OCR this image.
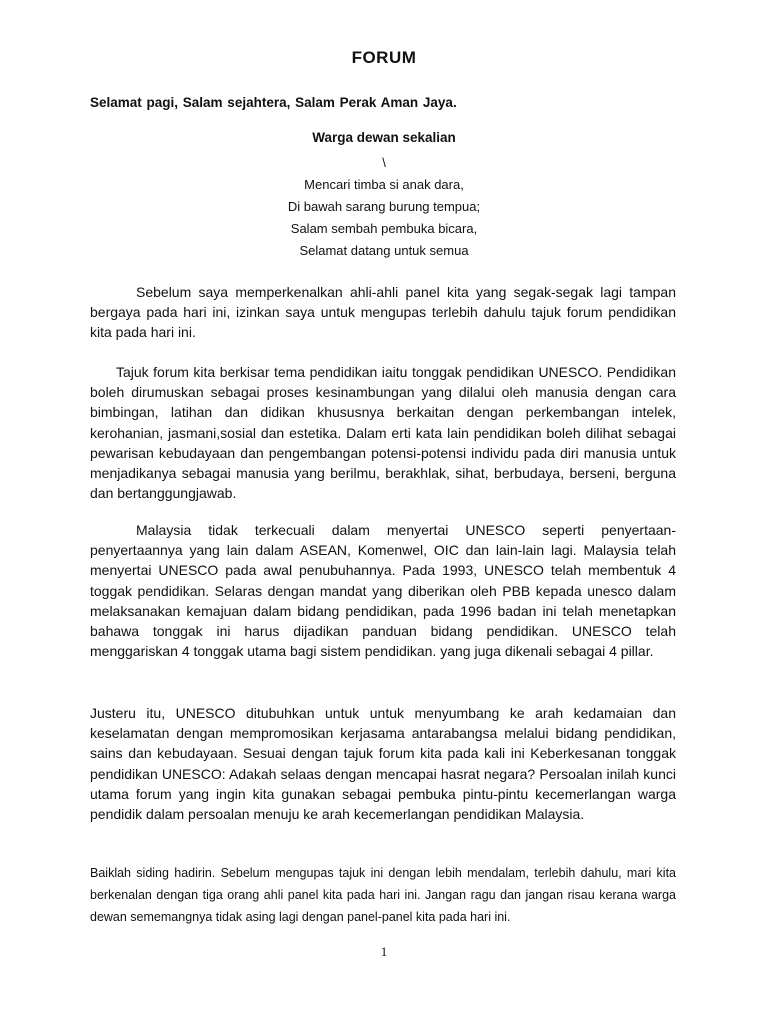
FORUM
Selamat pagi, Salam sejahtera, Salam Perak Aman Jaya.
Warga dewan sekalian
\
Mencari timba si anak dara,
Di bawah sarang burung tempua;
Salam sembah pembuka bicara,
Selamat datang untuk semua

Sebelum saya memperkenalkan ahli-ahli panel kita yang segak-segak lagi tampan bergaya pada hari ini, izinkan saya untuk mengupas terlebih dahulu tajuk forum pendidikan kita pada hari ini.

Tajuk forum kita berkisar tema pendidikan iaitu tonggak pendidikan UNESCO. Pendidikan boleh dirumuskan sebagai proses kesinambungan yang dilalui oleh manusia dengan cara bimbingan, latihan dan didikan khususnya berkaitan dengan perkembangan intelek, kerohanian, jasmani,sosial dan estetika. Dalam erti kata lain pendidikan boleh dilihat sebagai pewarisan kebudayaan dan pengembangan potensi-potensi individu pada diri manusia untuk menjadikanya sebagai manusia yang berilmu, berakhlak, sihat, berbudaya, berseni, berguna dan bertanggungjawab.

Malaysia tidak terkecuali dalam menyertai UNESCO seperti penyertaan-penyertaannya yang lain dalam ASEAN, Komenwel, OIC dan lain-lain lagi. Malaysia telah menyertai UNESCO pada awal penubuhannya. Pada 1993, UNESCO telah membentuk 4 toggak pendidikan. Selaras dengan mandat yang diberikan oleh PBB kepada unesco dalam melaksanakan kemajuan dalam bidang pendidikan, pada 1996 badan ini telah menetapkan bahawa tonggak ini harus dijadikan panduan bidang pendidikan. UNESCO telah menggariskan 4 tonggak utama bagi sistem pendidikan. yang juga dikenali sebagai 4 pillar.

Justeru itu, UNESCO ditubuhkan untuk untuk menyumbang ke arah kedamaian dan keselamatan dengan mempromosikan kerjasama antarabangsa melalui bidang pendidikan, sains dan kebudayaan. Sesuai dengan tajuk forum kita pada kali ini Keberkesanan tonggak pendidikan UNESCO: Adakah selaas dengan mencapai hasrat negara? Persoalan inilah kunci utama forum yang ingin kita gunakan sebagai pembuka pintu-pintu kecemerlangan warga pendidik dalam persoalan menuju ke arah kecemerlangan pendidikan Malaysia.

Baiklah siding hadirin. Sebelum mengupas tajuk ini dengan lebih mendalam, terlebih dahulu, mari kita berkenalan dengan tiga orang ahli panel kita pada hari ini. Jangan ragu dan jangan risau kerana warga dewan sememangnya tidak asing lagi dengan panel-panel kita pada hari ini.

1
